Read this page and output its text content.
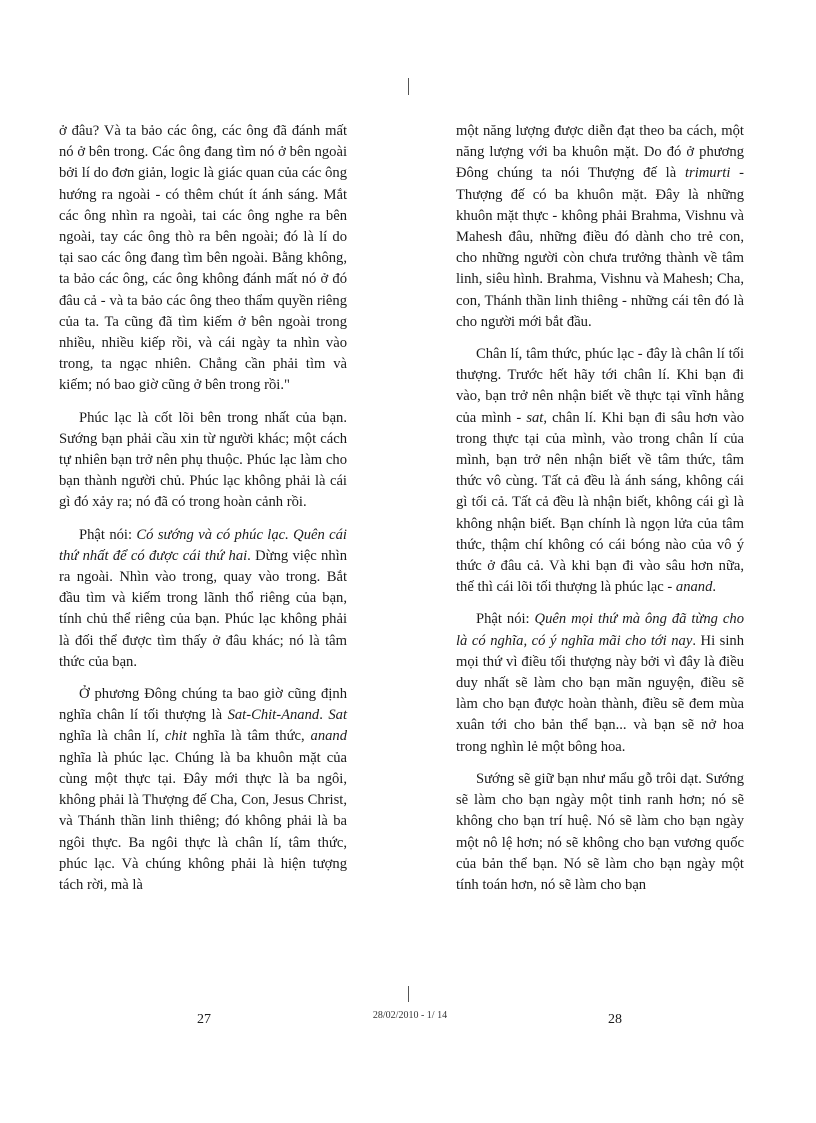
ở đâu? Và ta bảo các ông, các ông đã đánh mất nó ở bên trong. Các ông đang tìm nó ở bên ngoài bởi lí do đơn giản, logic là giác quan của các ông hướng ra ngoài - có thêm chút ít ánh sáng. Mắt các ông nhìn ra ngoài, tai các ông nghe ra bên ngoài, tay các ông thò ra bên ngoài; đó là lí do tại sao các ông đang tìm bên ngoài. Bằng không, ta bảo các ông, các ông không đánh mất nó ở đó đâu cả - và ta bảo các ông theo thẩm quyền riêng của ta. Ta cũng đã tìm kiếm ở bên ngoài trong nhiều, nhiều kiếp rồi, và cái ngày ta nhìn vào trong, ta ngạc nhiên. Chẳng cần phải tìm và kiếm; nó bao giờ cũng ở bên trong rồi."

Phúc lạc là cốt lõi bên trong nhất của bạn. Sướng bạn phải cầu xin từ người khác; một cách tự nhiên bạn trở nên phụ thuộc. Phúc lạc làm cho bạn thành người chủ. Phúc lạc không phải là cái gì đó xảy ra; nó đã có trong hoàn cảnh rồi.

Phật nói: Có sướng và có phúc lạc. Quên cái thứ nhất để có được cái thứ hai. Dừng việc nhìn ra ngoài. Nhìn vào trong, quay vào trong. Bắt đầu tìm và kiếm trong lãnh thổ riêng của bạn, tính chủ thể riêng của bạn. Phúc lạc không phải là đối thể được tìm thấy ở đâu khác; nó là tâm thức của bạn.

Ở phương Đông chúng ta bao giờ cũng định nghĩa chân lí tối thượng là Sat-Chit-Anand. Sat nghĩa là chân lí, chit nghĩa là tâm thức, anand nghĩa là phúc lạc. Chúng là ba khuôn mặt của cùng một thực tại. Đây mới thực là ba ngôi, không phải là Thượng đế Cha, Con, Jesus Christ, và Thánh thần linh thiêng; đó không phải là ba ngôi thực. Ba ngôi thực là chân lí, tâm thức, phúc lạc. Và chúng không phải là hiện tượng tách rời, mà là

một năng lượng được diễn đạt theo ba cách, một năng lượng với ba khuôn mặt. Do đó ở phương Đông chúng ta nói Thượng đế là trimurti - Thượng đế có ba khuôn mặt. Đây là những khuôn mặt thực - không phải Brahma, Vishnu và Mahesh đâu, những điều đó dành cho trẻ con, cho những người còn chưa trưởng thành về tâm linh, siêu hình. Brahma, Vishnu và Mahesh; Cha, con, Thánh thần linh thiêng - những cái tên đó là cho người mới bắt đầu.

Chân lí, tâm thức, phúc lạc - đây là chân lí tối thượng. Trước hết hãy tới chân lí. Khi bạn đi vào, bạn trở nên nhận biết về thực tại vĩnh hằng của mình - sat, chân lí. Khi bạn đi sâu hơn vào trong thực tại của mình, vào trong chân lí của mình, bạn trở nên nhận biết về tâm thức, tâm thức vô cùng. Tất cả đều là ánh sáng, không cái gì tối cả. Tất cả đều là nhận biết, không cái gì là không nhận biết. Bạn chính là ngọn lửa của tâm thức, thậm chí không có cái bóng nào của vô ý thức ở đâu cả. Và khi bạn đi vào sâu hơn nữa, thế thì cái lõi tối thượng là phúc lạc - anand.

Phật nói: Quên mọi thứ mà ông đã từng cho là có nghĩa, có ý nghĩa mãi cho tới nay. Hi sinh mọi thứ vì điều tối thượng này bởi vì đây là điều duy nhất sẽ làm cho bạn mãn nguyện, điều sẽ làm cho bạn được hoàn thành, điều sẽ đem mùa xuân tới cho bản thể bạn... và bạn sẽ nở hoa trong nghìn lẻ một bông hoa.

Sướng sẽ giữ bạn như mẩu gỗ trôi dạt. Sướng sẽ làm cho bạn ngày một tinh ranh hơn; nó sẽ không cho bạn trí huệ. Nó sẽ làm cho bạn ngày một nô lệ hơn; nó sẽ không cho bạn vương quốc của bản thể bạn. Nó sẽ làm cho bạn ngày một tính toán hơn, nó sẽ làm cho bạn

27	28/02/2010 - 1/ 14	28
